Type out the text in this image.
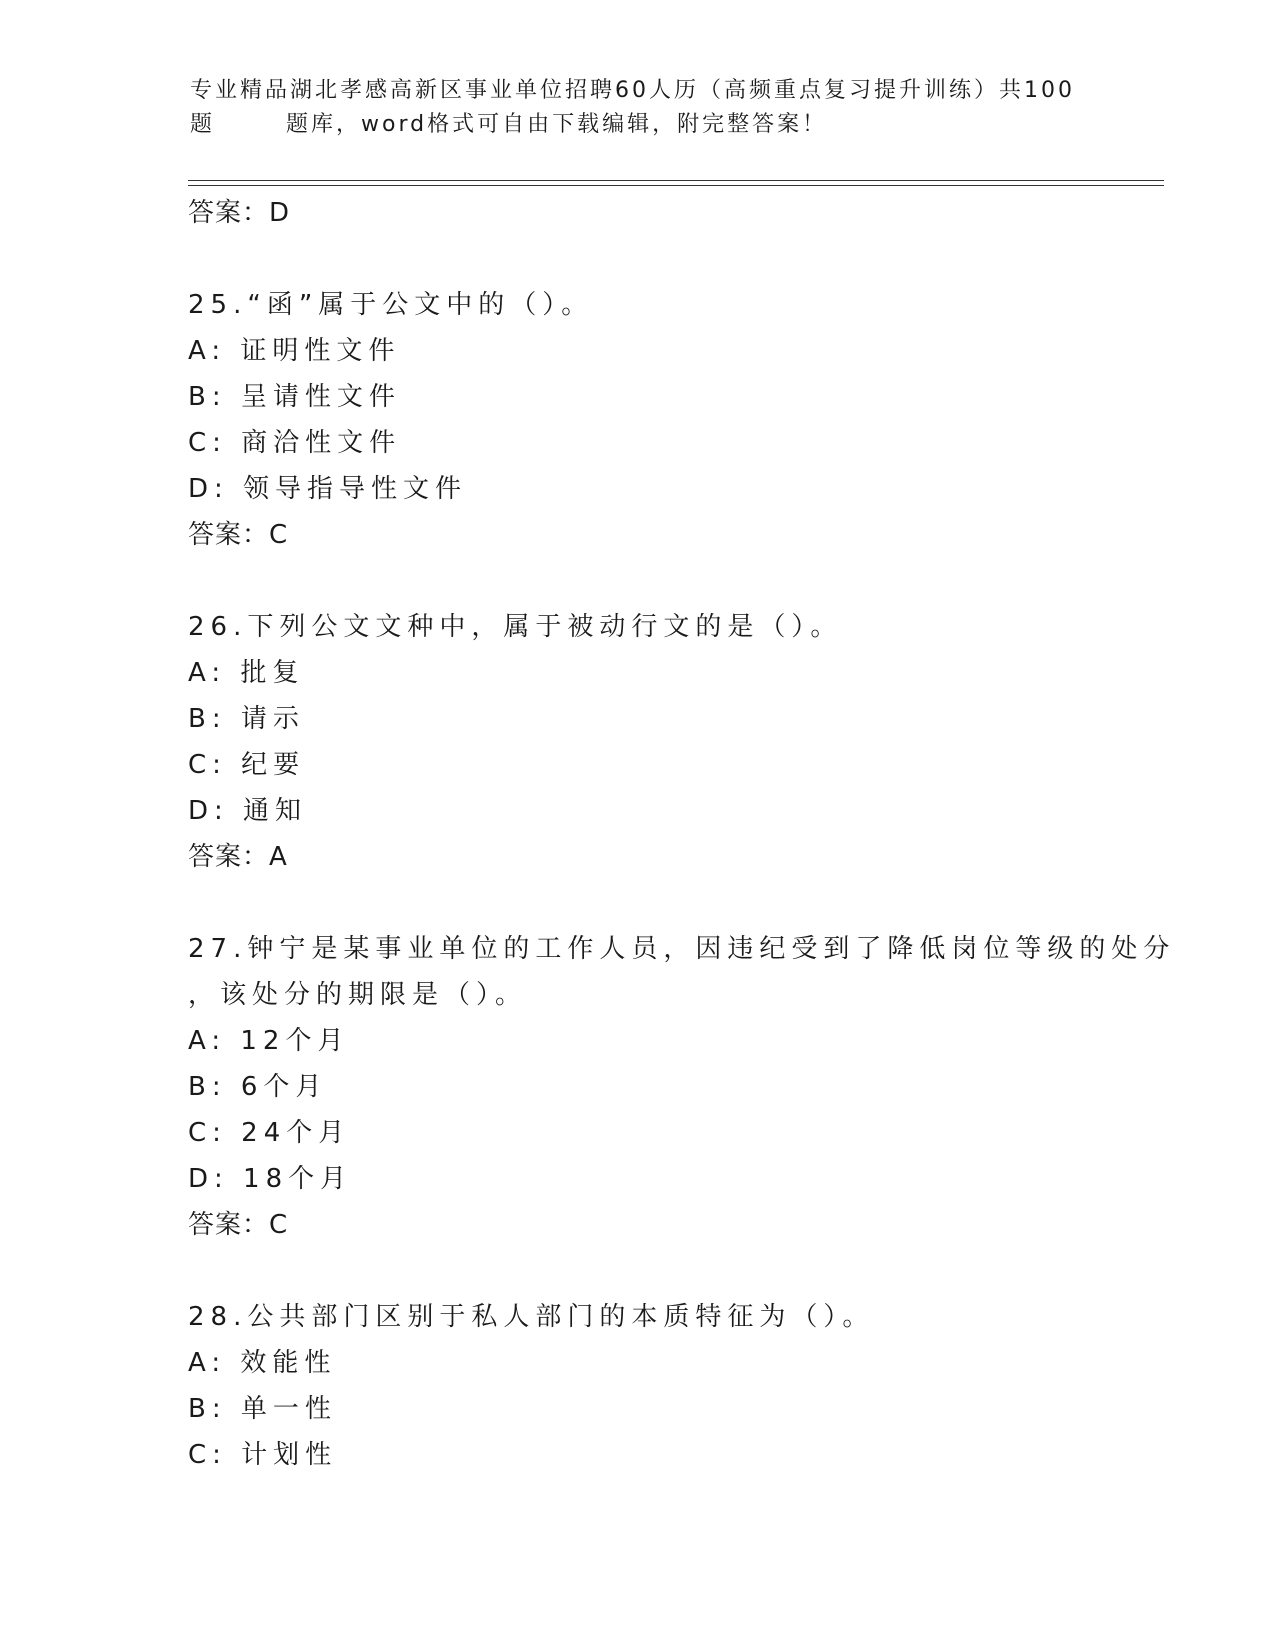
专业精品湖北孝感高新区事业单位招聘60人历（高频重点复习提升训练）共100
题	题库，word格式可自由下载编辑，附完整答案！
答案：D
25.“函”属于公文中的（）。
A: 证明性文件
B: 呈请性文件
C: 商洽性文件
D: 领导指导性文件
答案：C
26.下列公文文种中，属于被动行文的是（）。
A: 批复
B: 请示
C: 纪要
D: 通知
答案：A
27.钟宁是某事业单位的工作人员，因违纪受到了降低岗位等级的处分
，该处分的期限是（）。
A: 12个月
B: 6个月
C: 24个月
D: 18个月
答案：C
28.公共部门区别于私人部门的本质特征为（）。
A: 效能性
B: 单一性
C: 计划性
